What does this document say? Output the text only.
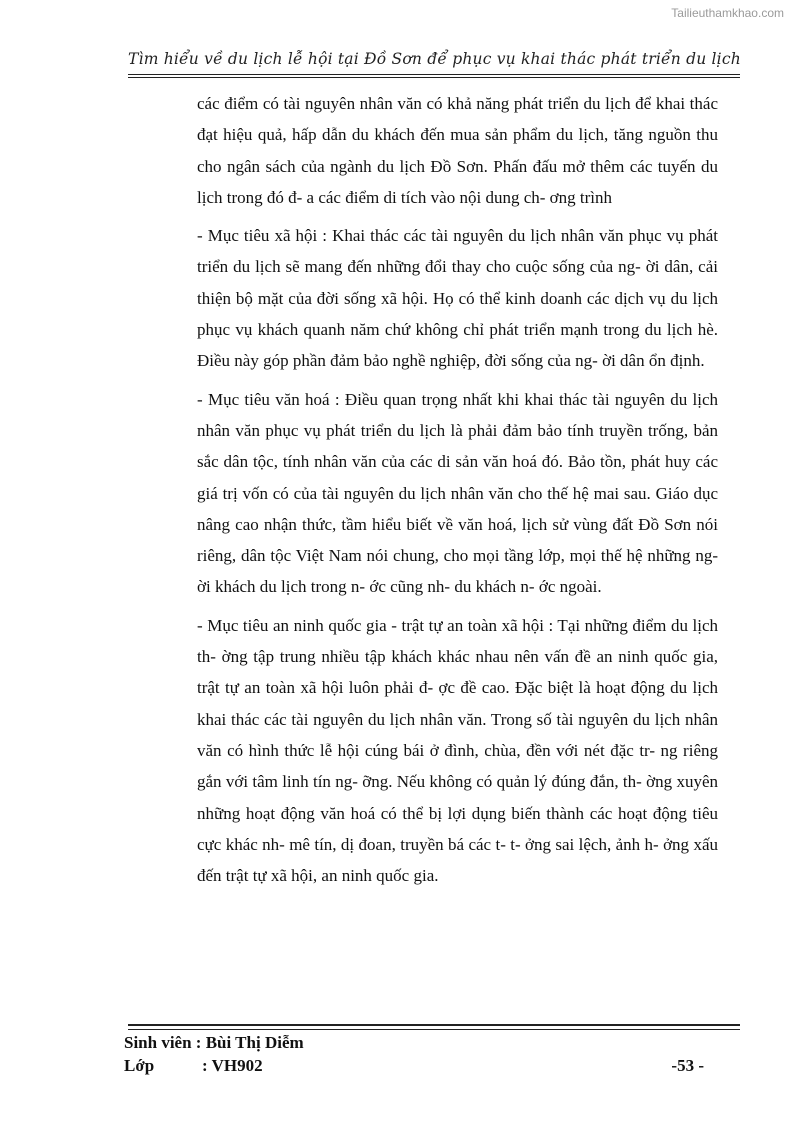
Tailieuthamkhao.com
Tìm hiểu về du lịch lễ hội tại Đồ Sơn để phục vụ khai thác phát triển du lịch

các điểm có tài nguyên nhân văn có khả năng phát triển du lịch để khai thác đạt hiệu quả, hấp dẫn du khách đến mua sản phẩm du lịch, tăng nguồn thu cho ngân sách của ngành du lịch Đồ Sơn. Phấn đấu mở thêm các tuyến du lịch trong đó đ- a các điểm di tích vào nội dung ch- ơng trình

- Mục tiêu xã hội : Khai thác các tài nguyên du lịch nhân văn phục vụ phát triển du lịch sẽ mang đến những đổi thay cho cuộc sống của ng- ời dân, cải thiện bộ mặt của đời sống xã hội. Họ có thể kinh doanh các dịch vụ du lịch phục vụ khách quanh năm chứ không chỉ phát triển mạnh trong du lịch hè. Điều này góp phần đảm bảo nghề nghiệp, đời sống của ng- ời dân ổn định.

- Mục tiêu văn hoá : Điều quan trọng nhất khi khai thác tài nguyên du lịch nhân văn phục vụ phát triển du lịch là phải đảm bảo tính truyền trống, bản sắc dân tộc, tính nhân văn của các di sản văn hoá đó. Bảo tồn, phát huy các giá trị vốn có của tài nguyên du lịch nhân văn cho thế hệ mai sau. Giáo dục nâng cao nhận thức, tầm hiểu biết về văn hoá, lịch sử vùng đất Đồ Sơn nói riêng, dân tộc Việt Nam nói chung, cho mọi tầng lớp, mọi thế hệ những ng- ời khách du lịch trong n- ớc cũng nh- du khách n- ớc ngoài.

- Mục tiêu an ninh quốc gia - trật tự an toàn xã hội : Tại những điểm du lịch th- ờng tập trung nhiều tập khách khác nhau nên vấn đề an ninh quốc gia, trật tự an toàn xã hội luôn phải đ- ợc đề cao. Đặc biệt là hoạt động du lịch khai thác các tài nguyên du lịch nhân văn. Trong số tài nguyên du lịch nhân văn có hình thức lễ hội cúng bái ở đình, chùa, đền với nét đặc tr- ng riêng gắn với tâm linh tín ng- ỡng. Nếu không có quản lý đúng đắn, th- ờng xuyên những hoạt động văn hoá có thể bị lợi dụng biến thành các hoạt động tiêu cực khác nh- mê tín, dị đoan, truyền bá các t- t- ởng sai lệch, ảnh h- ởng xấu đến trật tự xã hội, an ninh quốc gia.

Sinh viên : Bùi Thị Diễm
Lớp	: VH902	-53 -
